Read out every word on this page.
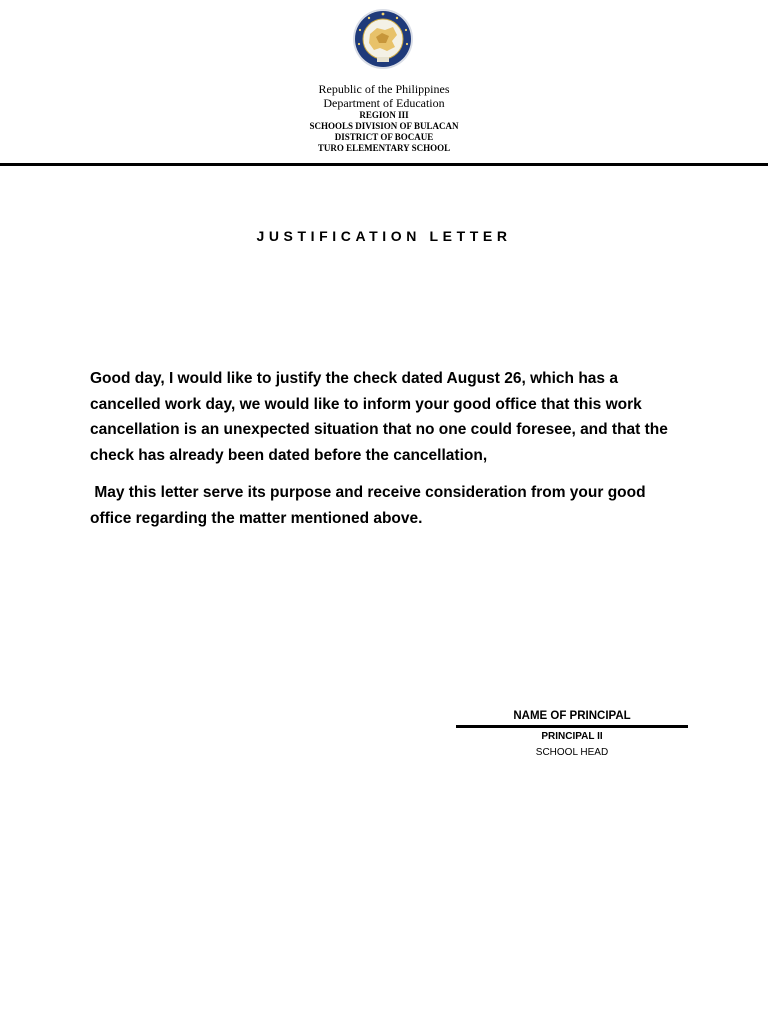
Republic of the Philippines
Department of Education
REGION III
SCHOOLS DIVISION OF BULACAN
DISTRICT OF BOCAUE
TURO ELEMENTARY SCHOOL
JUSTIFICATION LETTER
Good day, I would like to justify the check dated August 26, which has a cancelled work day, we would like to inform your good office that this work cancellation is an unexpected situation that no one could foresee, and that the check has already been dated before the cancellation,
May this letter serve its purpose and receive consideration from your good office regarding the matter mentioned above.
NAME OF PRINCIPAL
PRINCIPAL II
SCHOOL HEAD
